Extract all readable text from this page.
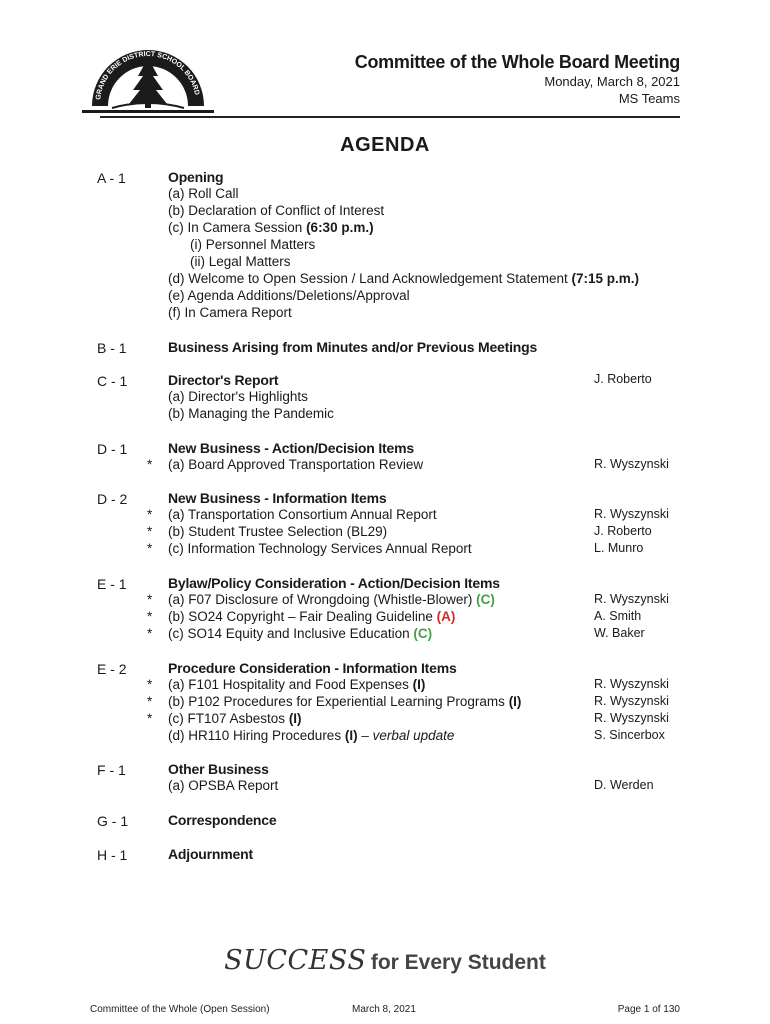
GRAND ERIE DISTRICT SCHOOL BOARD
Committee of the Whole Board Meeting
Monday, March 8, 2021
MS Teams
AGENDA
A - 1	Opening
(a) Roll Call
(b) Declaration of Conflict of Interest
(c) In Camera Session (6:30 p.m.)
(i) Personnel Matters
(ii) Legal Matters
(d) Welcome to Open Session / Land Acknowledgement Statement (7:15 p.m.)
(e) Agenda Additions/Deletions/Approval
(f) In Camera Report
B - 1	Business Arising from Minutes and/or Previous Meetings
C - 1	Director's Report	J. Roberto
(a) Director's Highlights
(b) Managing the Pandemic
D - 1	New Business - Action/Decision Items
* (a) Board Approved Transportation Review	R. Wyszynski
D - 2	New Business - Information Items
* (a) Transportation Consortium Annual Report	R. Wyszynski
* (b) Student Trustee Selection (BL29)	J. Roberto
* (c) Information Technology Services Annual Report	L. Munro
E - 1	Bylaw/Policy Consideration - Action/Decision Items
* (a) F07 Disclosure of Wrongdoing (Whistle-Blower) (C)	R. Wyszynski
* (b) SO24 Copyright – Fair Dealing Guideline (A)	A. Smith
* (c) SO14 Equity and Inclusive Education (C)	W. Baker
E - 2	Procedure Consideration - Information Items
* (a) F101 Hospitality and Food Expenses (I)	R. Wyszynski
* (b) P102 Procedures for Experiential Learning Programs (I)	R. Wyszynski
* (c) FT107 Asbestos (I)	R. Wyszynski
(d) HR110 Hiring Procedures (I) – verbal update	S. Sincerbox
F - 1	Other Business
(a) OPSBA Report	D. Werden
G - 1	Correspondence
H - 1	Adjournment
SUCCESS for Every Student
Committee of the Whole (Open Session)	March 8, 2021	Page 1 of 130
